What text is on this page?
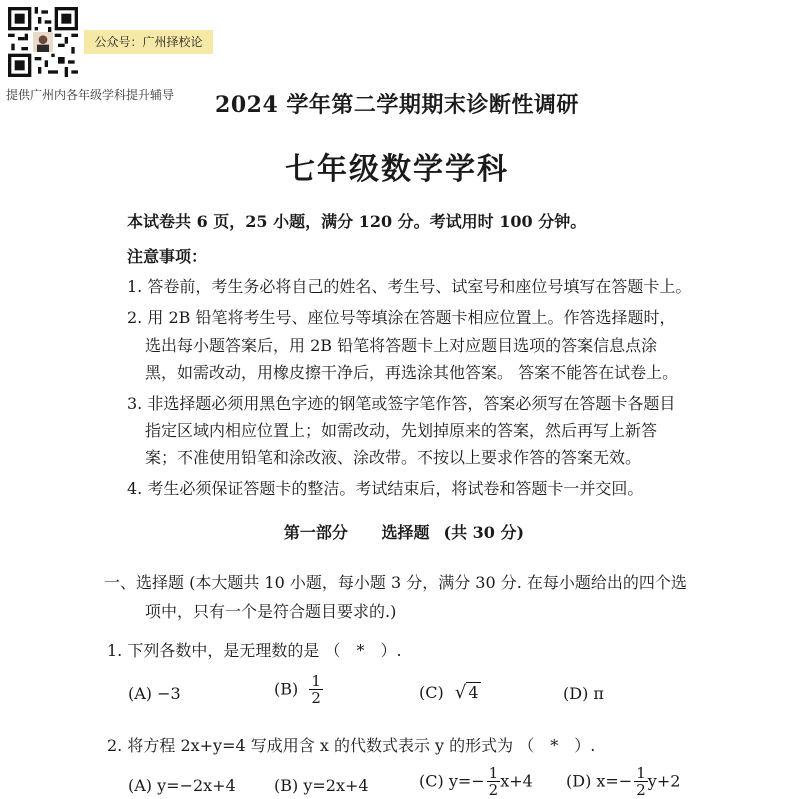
公众号：广州择校论
提供广州内各年级学科提升辅导	2024 学年第二学期期末诊断性调研
七年级数学学科
本试卷共 6 页，25 小题，满分 120 分。考试用时 100 分钟。
注意事项：
1. 答卷前，考生务必将自己的姓名、考生号、试室号和座位号填写在答题卡上。
2. 用 2B 铅笔将考生号、座位号等填涂在答题卡相应位置上。作答选择题时，
选出每小题答案后，用 2B 铅笔将答题卡上对应题目选项的答案信息点涂
黑，如需改动，用橡皮擦干净后，再选涂其他答案。 答案不能答在试卷上。
3. 非选择题必须用黑色字迹的钢笔或签字笔作答，答案必须写在答题卡各题目
指定区域内相应位置上；如需改动，先划掉原来的答案，然后再写上新答
案；不准使用铅笔和涂改液、涂改带。不按以上要求作答的答案无效。
4. 考生必须保证答题卡的整洁。考试结束后，将试卷和答题卡一并交回。
第一部分 选择题 (共 30 分)
一、选择题 (本大题共 10 小题，每小题 3 分，满分 30 分. 在每小题给出的四个选
项中，只有一个是符合题目要求的.)
1. 下列各数中，是无理数的是 （　*　）.
(A) −3	$(B) \frac{1}{2}$	(C) √ 4	(D) π
2. 将方程 2x+y=4 写成用含 x 的代数式表示 y 的形式为 （　*　）.
(A) y=−2x+4 (B) y=2x+4	(C) $y=- \frac{1}{2} x+4$ (D) $x=- \frac{1}{2} y+2$
